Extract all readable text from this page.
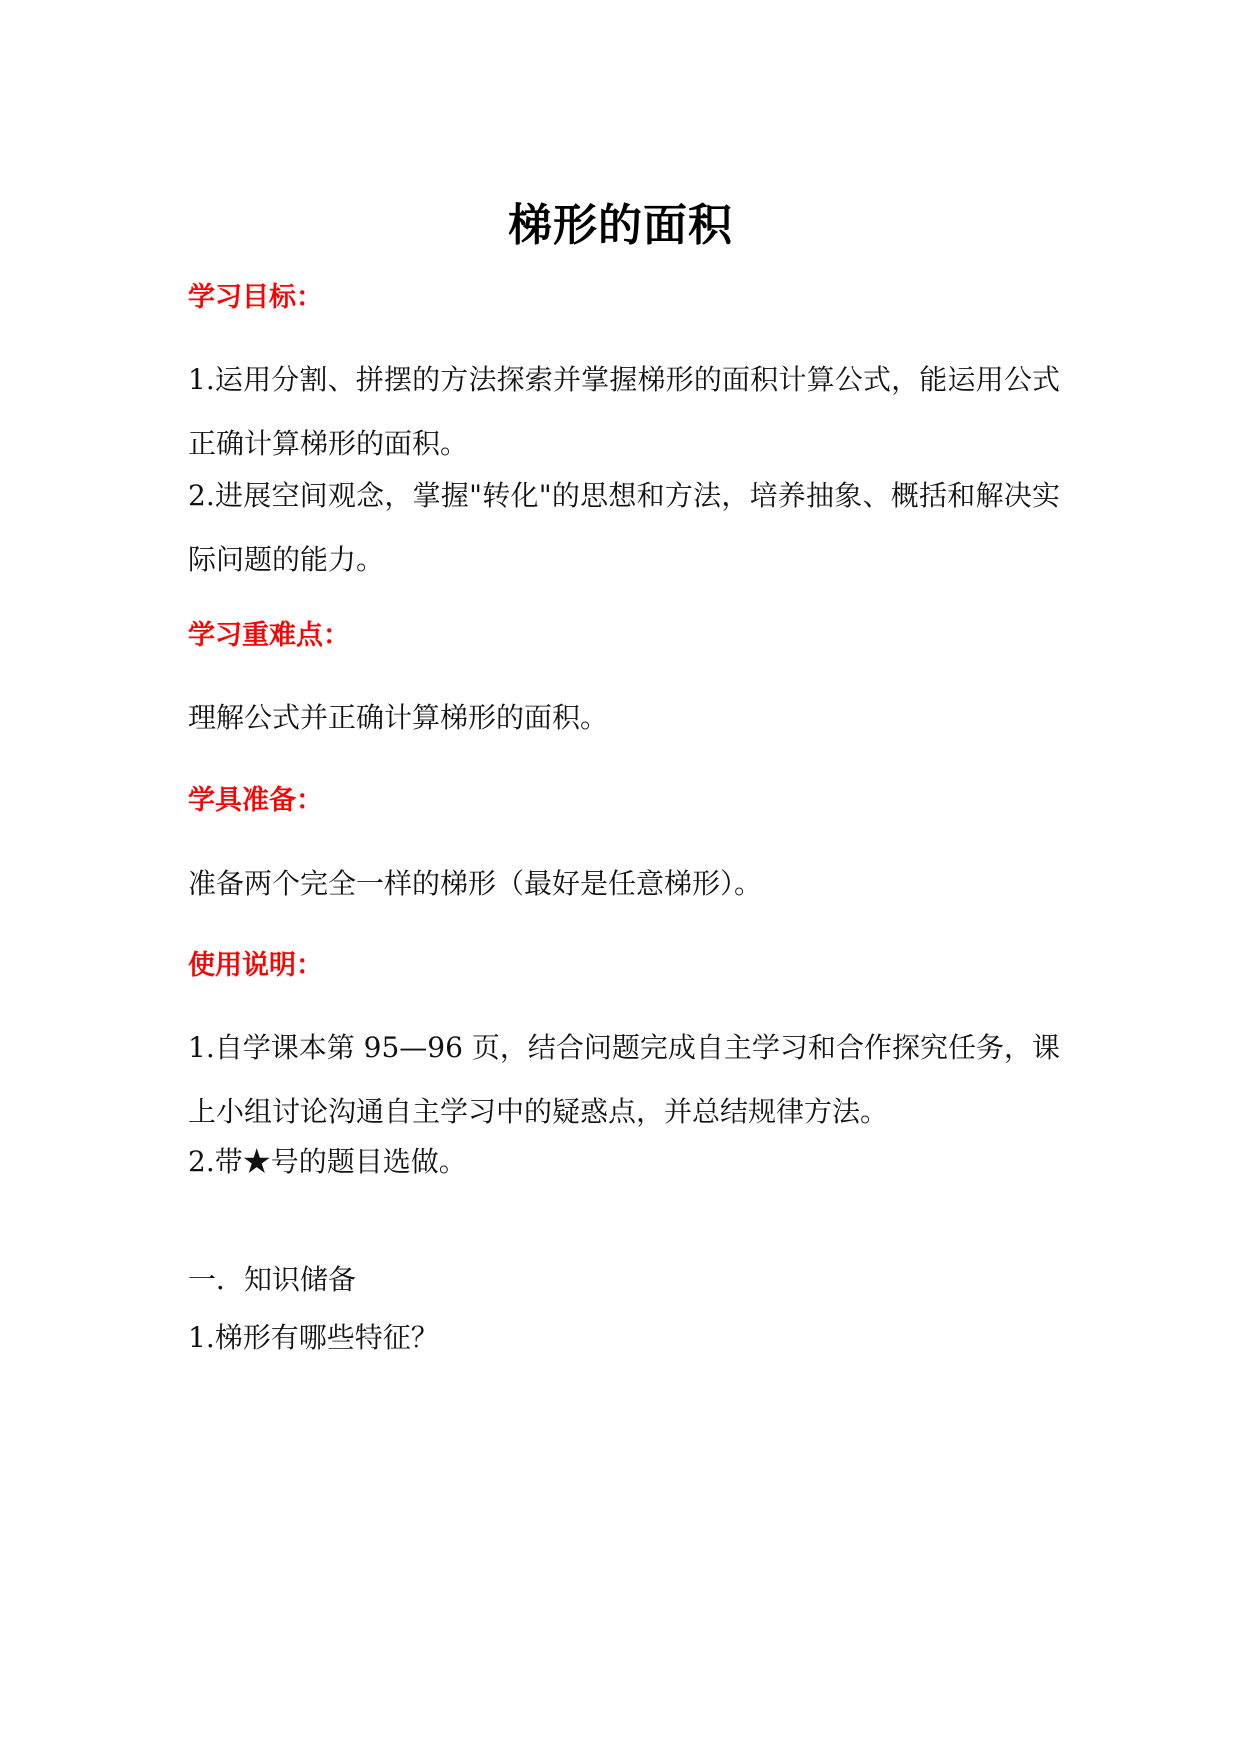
梯形的面积
学习目标：
1.运用分割、拼摆的方法探索并掌握梯形的面积计算公式，能运用公式正确计算梯形的面积。
2.进展空间观念，掌握"转化"的思想和方法，培养抽象、概括和解决实际问题的能力。
学习重难点：
理解公式并正确计算梯形的面积。
学具准备：
准备两个完全一样的梯形（最好是任意梯形）。
使用说明：
1.自学课本第 95—96 页，结合问题完成自主学习和合作探究任务，课上小组讨论沟通自主学习中的疑惑点，并总结规律方法。
2.带★号的题目选做。
一．知识储备
1.梯形有哪些特征？
